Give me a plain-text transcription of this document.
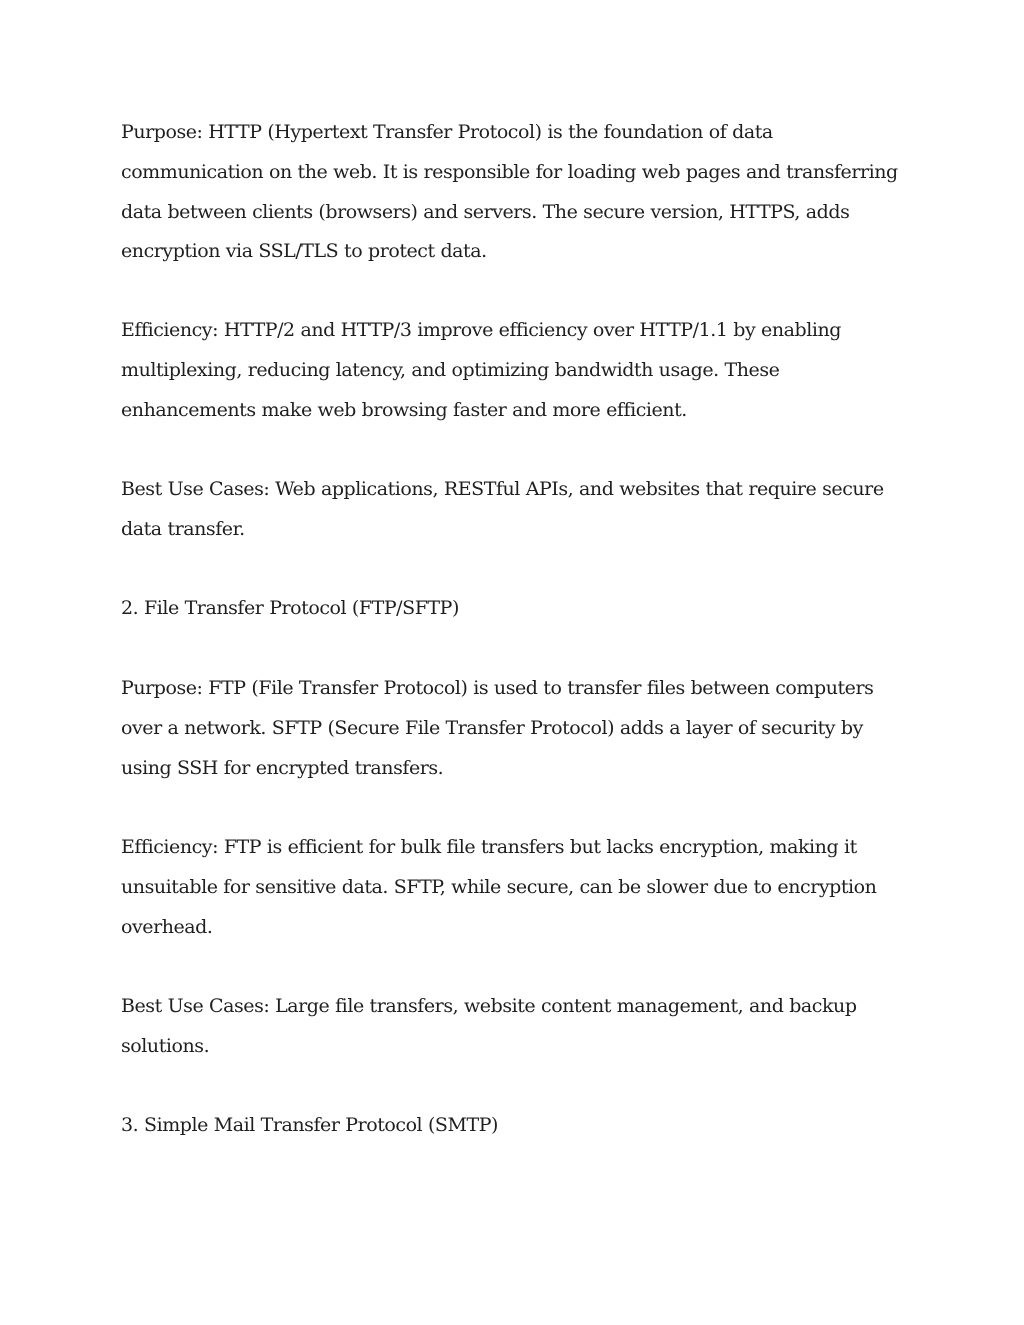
Purpose: HTTP (Hypertext Transfer Protocol) is the foundation of data communication on the web. It is responsible for loading web pages and transferring data between clients (browsers) and servers. The secure version, HTTPS, adds encryption via SSL/TLS to protect data.

Efficiency: HTTP/2 and HTTP/3 improve efficiency over HTTP/1.1 by enabling multiplexing, reducing latency, and optimizing bandwidth usage. These enhancements make web browsing faster and more efficient.

Best Use Cases: Web applications, RESTful APIs, and websites that require secure data transfer.

2. File Transfer Protocol (FTP/SFTP)

Purpose: FTP (File Transfer Protocol) is used to transfer files between computers over a network. SFTP (Secure File Transfer Protocol) adds a layer of security by using SSH for encrypted transfers.

Efficiency: FTP is efficient for bulk file transfers but lacks encryption, making it unsuitable for sensitive data. SFTP, while secure, can be slower due to encryption overhead.

Best Use Cases: Large file transfers, website content management, and backup solutions.

3. Simple Mail Transfer Protocol (SMTP)
